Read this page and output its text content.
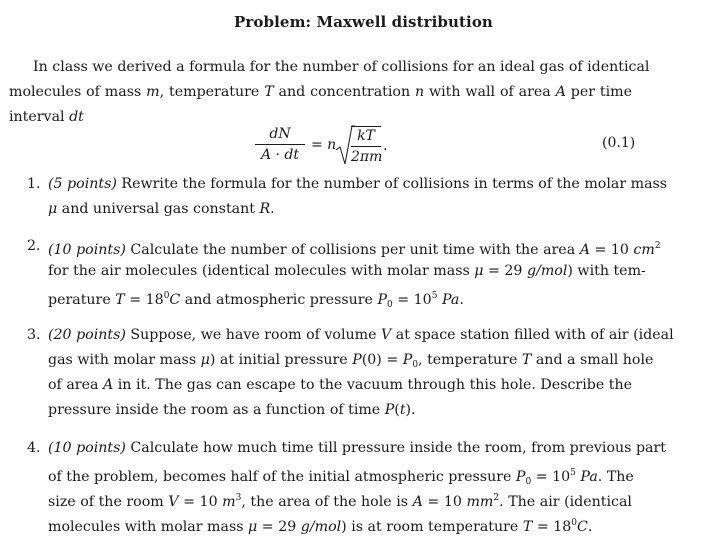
Problem: Maxwell distribution
In class we derived a formula for the number of collisions for an ideal gas of identical
molecules of mass m, temperature T and concentration n with wall of area A per time
interval dt
dN
A · dt
= n
kT
2πm
.	(0.1)
1. (5 points) Rewrite the formula for the number of collisions in terms of the molar mass
μ and universal gas constant R.
2. (10 points) Calculate the number of collisions per unit time with the area A = 10 $cm^2$
for the air molecules (identical molecules with molar mass μ = 29 g/mol) with tem-
perature $T = 18^0C$ and atmospheric pressure $P_0 = 10^5$ Pa.
3. (20 points) Suppose, we have room of volume V at space station filled with of air (ideal
gas with molar mass μ) at initial pressure $P(0) = P_0$, temperature T and a small hole
of area A in it. The gas can escape to the vacuum through this hole. Describe the
pressure inside the room as a function of time P(t).
4. (10 points) Calculate how much time till pressure inside the room, from previous part
of the problem, becomes half of the initial atmospheric pressure $P_0 = 10^5$ Pa. The
size of the room V = 10 $m^3$, the area of the hole is A = 10 $mm^2$. The air (identical
molecules with molar mass μ = 29 g/mol) is at room temperature $T = 18^0C$.
